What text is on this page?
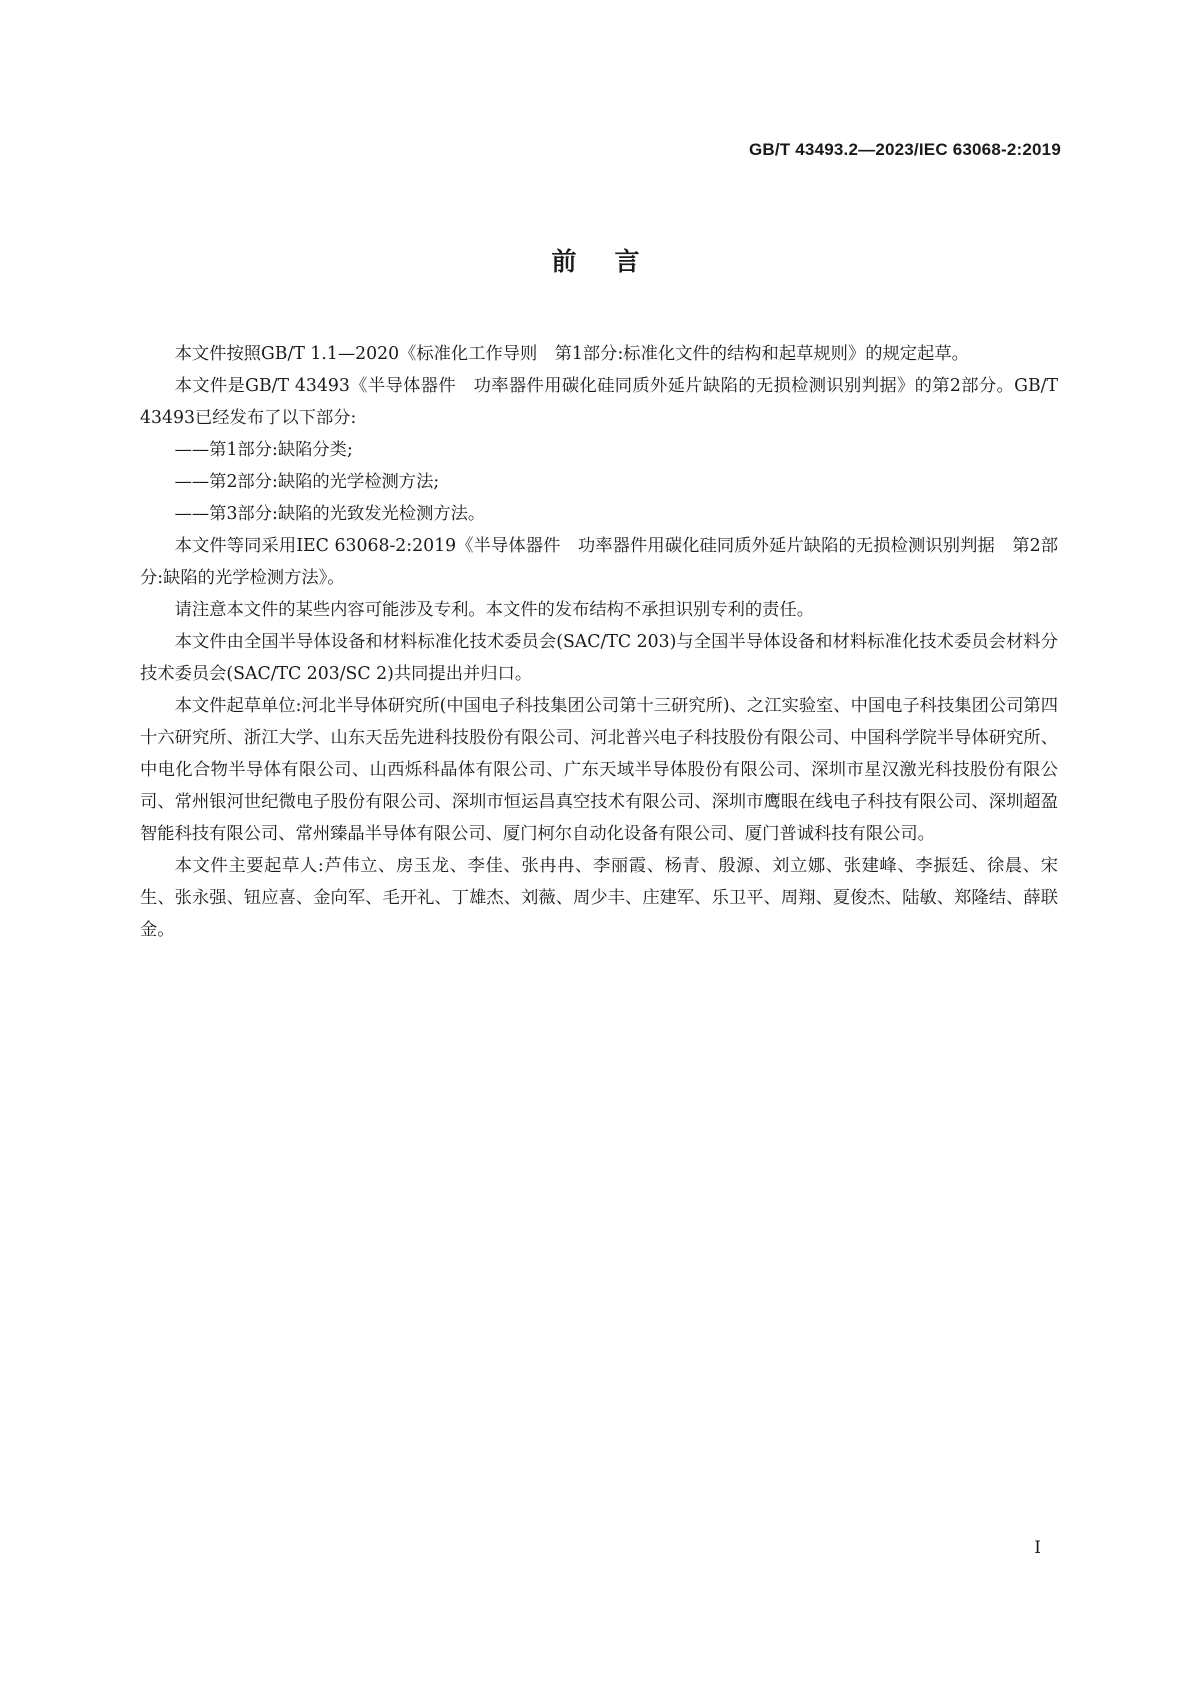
GB/T 43493.2—2023/IEC 63068-2:2019
前言

本文件按照GB/T 1.1—2020《标准化工作导则　第1部分:标准化文件的结构和起草规则》的规定起草。

本文件是GB/T 43493《半导体器件　功率器件用碳化硅同质外延片缺陷的无损检测识别判据》的第2部分。GB/T 43493已经发布了以下部分:

——第1部分:缺陷分类;

——第2部分:缺陷的光学检测方法;

——第3部分:缺陷的光致发光检测方法。

本文件等同采用IEC 63068-2:2019《半导体器件　功率器件用碳化硅同质外延片缺陷的无损检测识别判据　第2部分:缺陷的光学检测方法》。

请注意本文件的某些内容可能涉及专利。本文件的发布结构不承担识别专利的责任。

本文件由全国半导体设备和材料标准化技术委员会(SAC/TC 203)与全国半导体设备和材料标准化技术委员会材料分技术委员会(SAC/TC 203/SC 2)共同提出并归口。

本文件起草单位:河北半导体研究所(中国电子科技集团公司第十三研究所)、之江实验室、中国电子科技集团公司第四十六研究所、浙江大学、山东天岳先进科技股份有限公司、河北普兴电子科技股份有限公司、中国科学院半导体研究所、中电化合物半导体有限公司、山西烁科晶体有限公司、广东天域半导体股份有限公司、深圳市星汉激光科技股份有限公司、常州银河世纪微电子股份有限公司、深圳市恒运昌真空技术有限公司、深圳市鹰眼在线电子科技有限公司、深圳超盈智能科技有限公司、常州臻晶半导体有限公司、厦门柯尔自动化设备有限公司、厦门普诚科技有限公司。

本文件主要起草人:芦伟立、房玉龙、李佳、张冉冉、李丽霞、杨青、殷源、刘立娜、张建峰、李振廷、徐晨、宋生、张永强、钮应喜、金向军、毛开礼、丁雄杰、刘薇、周少丰、庄建军、乐卫平、周翔、夏俊杰、陆敏、郑隆结、薛联金。

I
